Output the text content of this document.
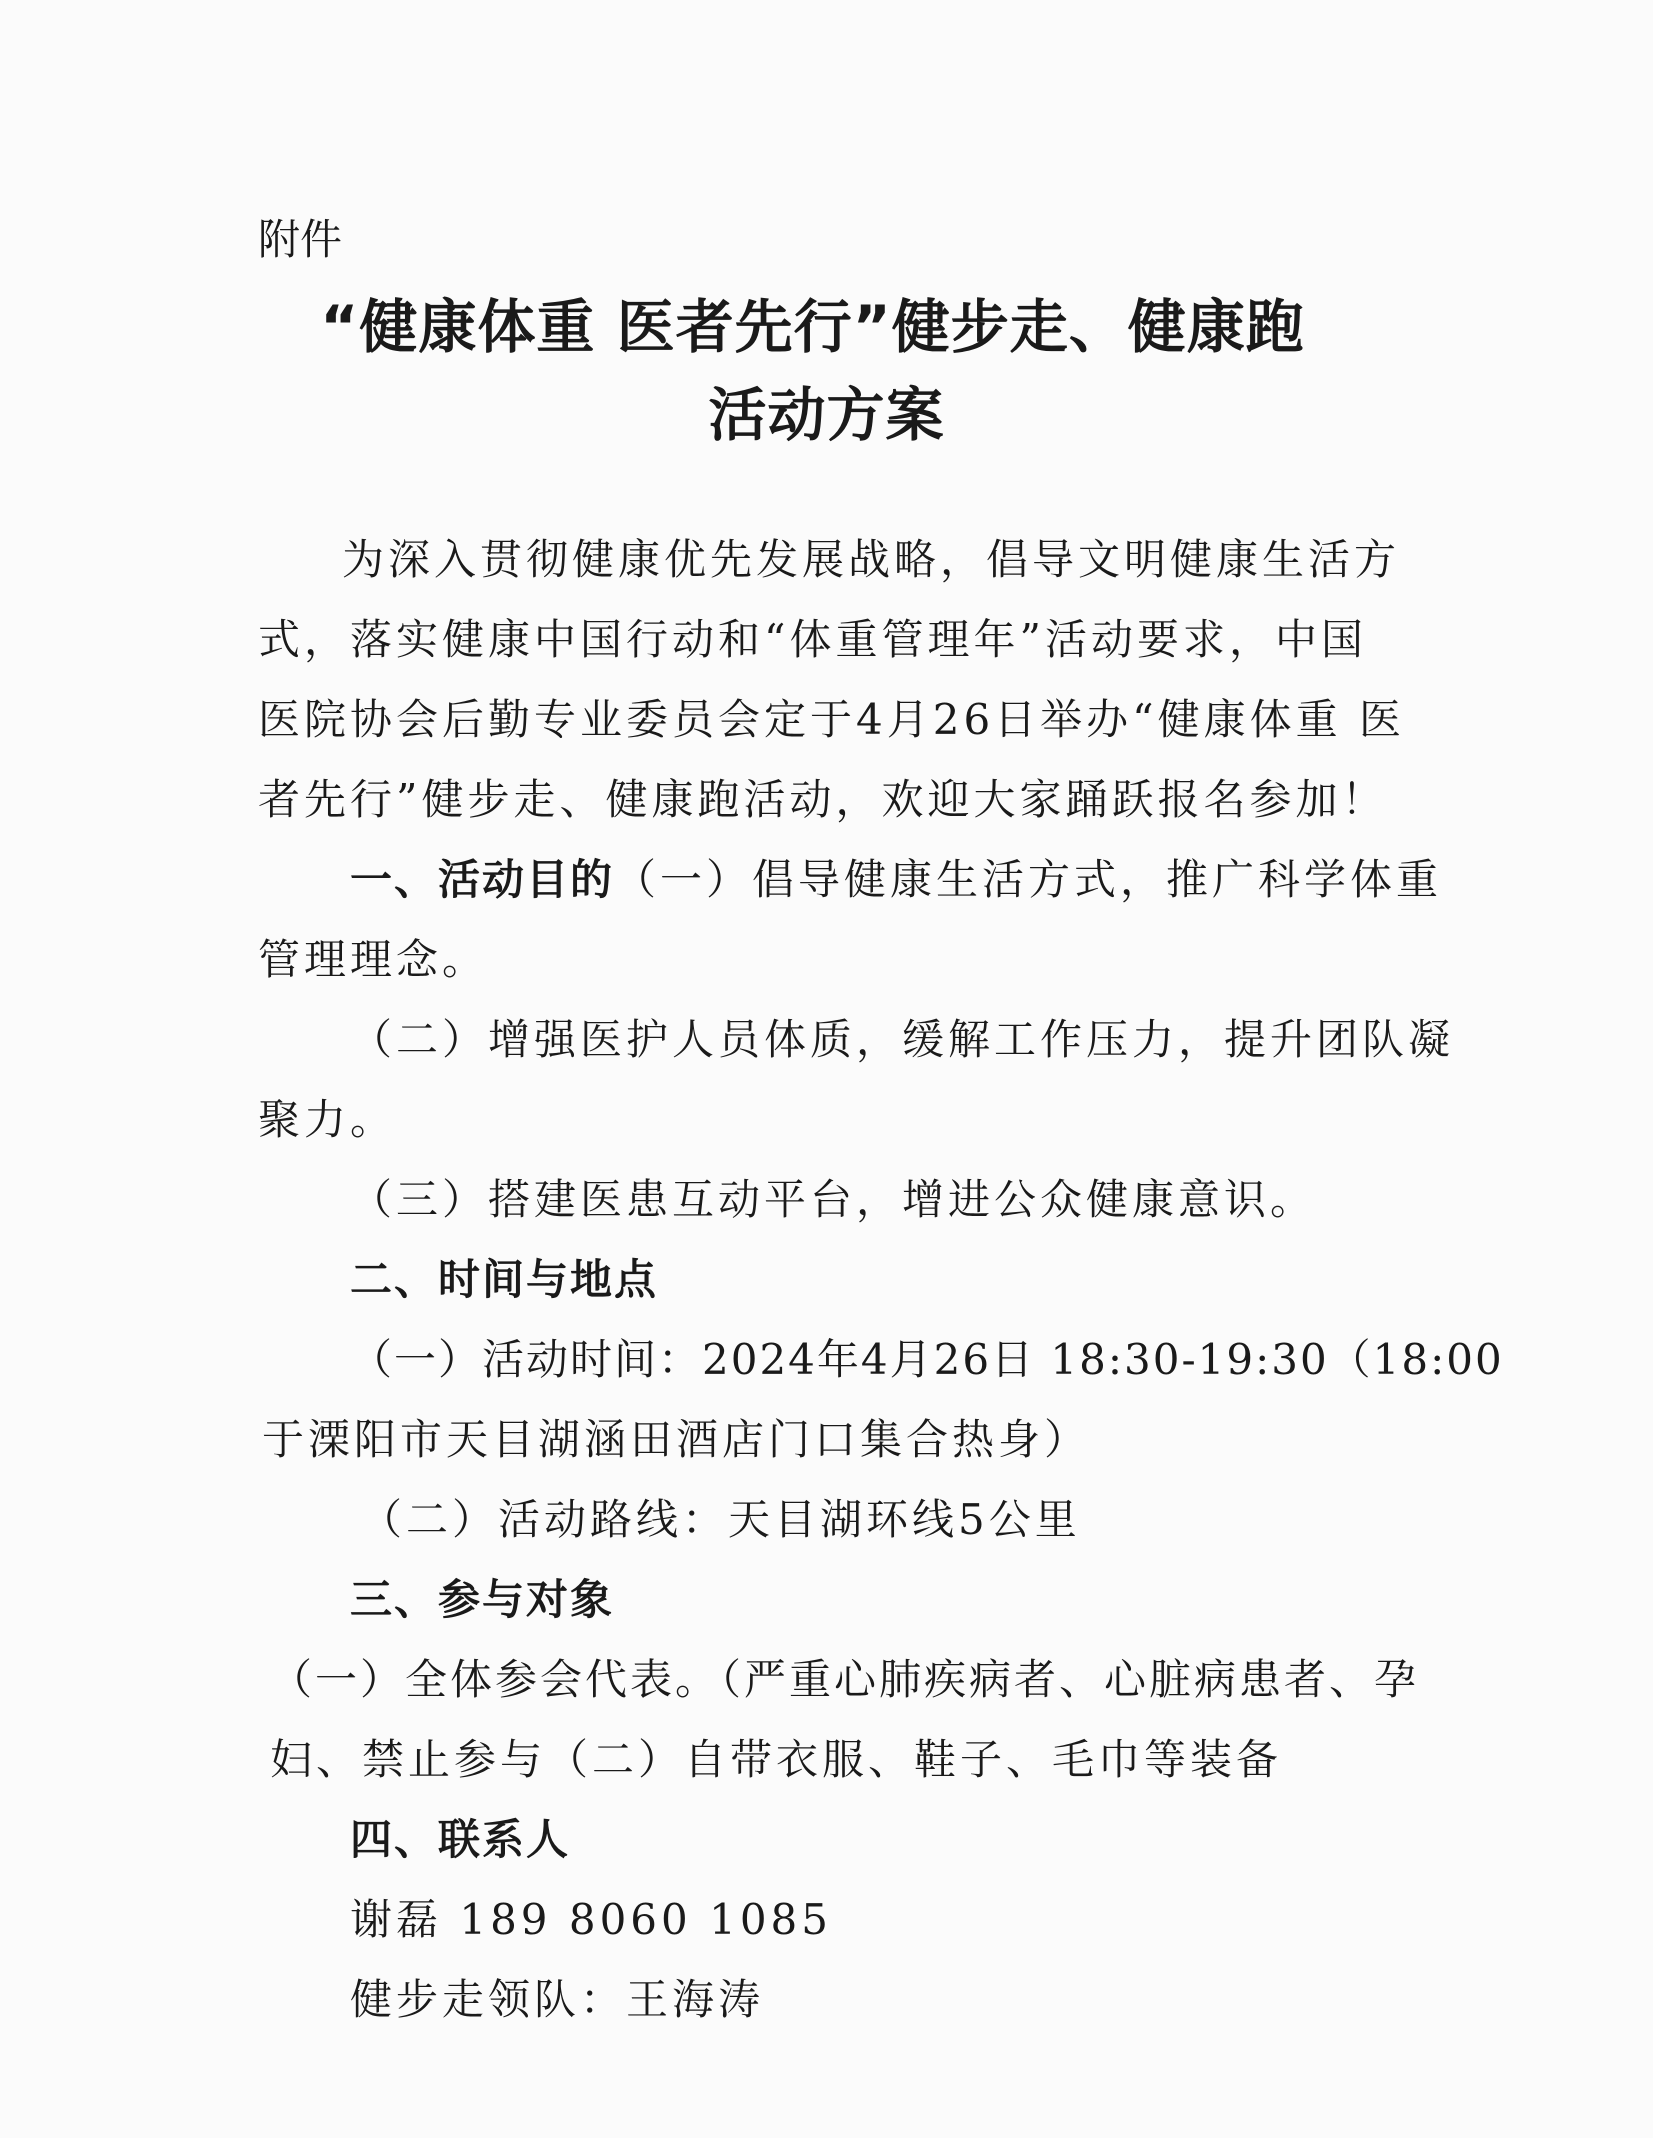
附件
“健康体重 医者先行”健步走、健康跑
活动方案
为深入贯彻健康优先发展战略，倡导文明健康生活方式，落实健康中国行动和“体重管理年”活动要求，中国医院协会后勤专业委员会定于4月26日举办“健康体重 医者先行”健步走、健康跑活动，欢迎大家踊跃报名参加！
一、活动目的（一）倡导健康生活方式，推广科学体重
管理理念。
（二）增强医护人员体质，缓解工作压力，提升团队凝
聚力。
（三）搭建医患互动平台，增进公众健康意识。
二、时间与地点
（一）活动时间：2024年4月26日 18:30-19:30（18:00
于溧阳市天目湖涵田酒店门口集合热身）
（二）活动路线：天目湖环线5公里
三、参与对象
（一）全体参会代表。（严重心肺疾病者、心脏病患者、孕
妇、禁止参与（二）自带衣服、鞋子、毛巾等装备
四、联系人
谢磊 189 8060 1085
健步走领队：王海涛
